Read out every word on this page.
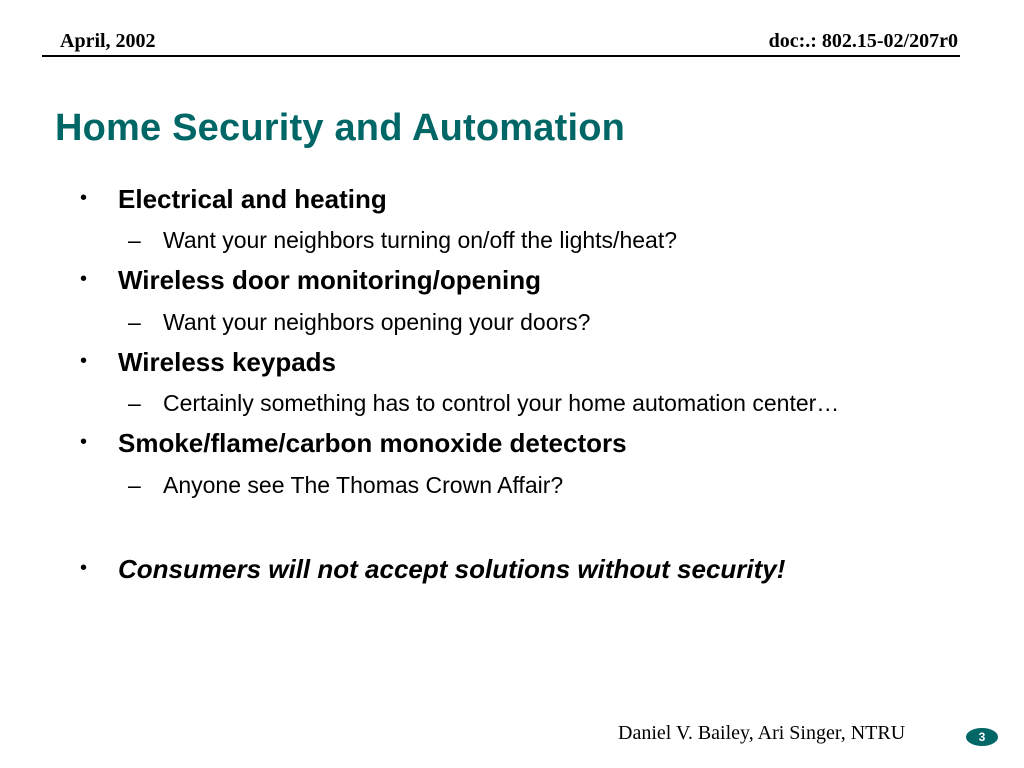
April, 2002	doc:.: 802.15-02/207r0
Home Security and Automation
• Electrical and heating
– Want your neighbors turning on/off the lights/heat?
• Wireless door monitoring/opening
– Want your neighbors opening your doors?
• Wireless keypads
– Certainly something has to control your home automation center…
• Smoke/flame/carbon monoxide detectors
– Anyone see The Thomas Crown Affair?
• Consumers will not accept solutions without security!
Daniel V. Bailey, Ari Singer, NTRU	3
